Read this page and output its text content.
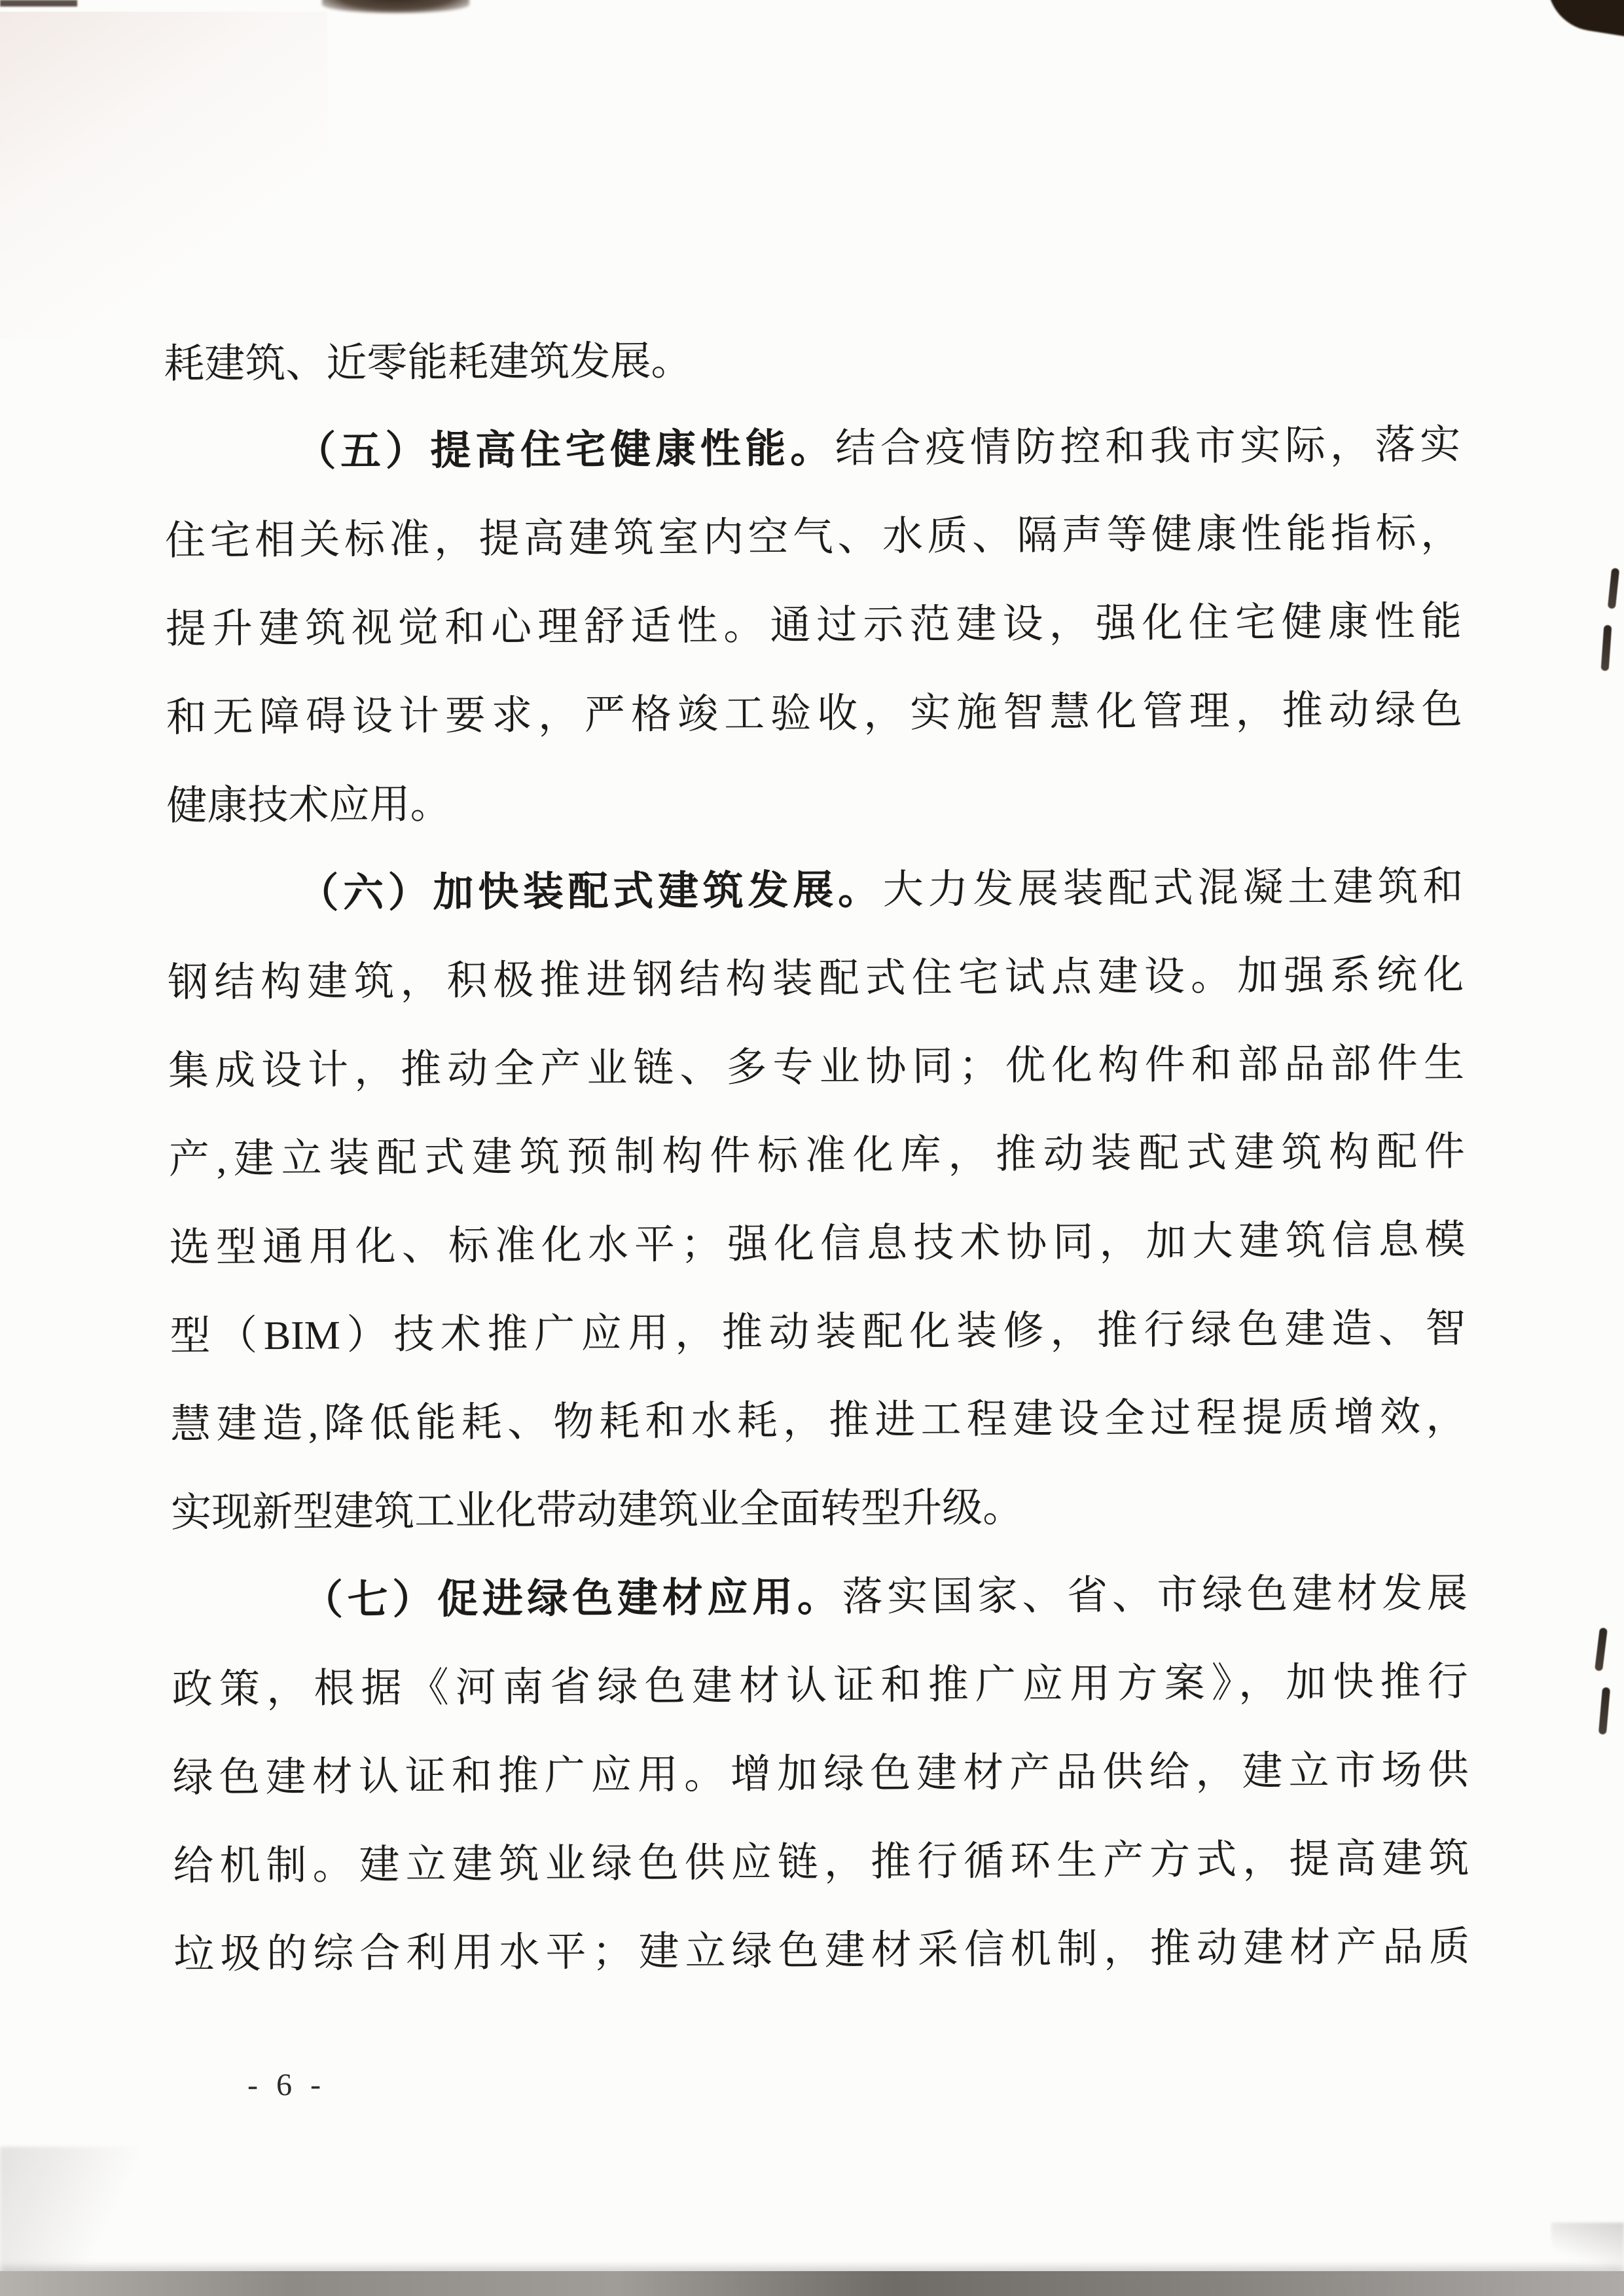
耗建筑、近零能耗建筑发展。
（五）提高住宅健康性能。结合疫情防控和我市实际，落实
住宅相关标准，提高建筑室内空气、水质、隔声等健康性能指标，
提升建筑视觉和心理舒适性。通过示范建设，强化住宅健康性能
和无障碍设计要求，严格竣工验收，实施智慧化管理，推动绿色
健康技术应用。
（六）加快装配式建筑发展。大力发展装配式混凝土建筑和
钢结构建筑，积极推进钢结构装配式住宅试点建设。加强系统化
集成设计，推动全产业链、多专业协同；优化构件和部品部件生
产,建立装配式建筑预制构件标准化库，推动装配式建筑构配件
选型通用化、标准化水平；强化信息技术协同，加大建筑信息模
型（BIM）技术推广应用，推动装配化装修，推行绿色建造、智
慧建造,降低能耗、物耗和水耗，推进工程建设全过程提质增效，
实现新型建筑工业化带动建筑业全面转型升级。
（七）促进绿色建材应用。落实国家、省、市绿色建材发展
政策，根据《河南省绿色建材认证和推广应用方案》，加快推行
绿色建材认证和推广应用。增加绿色建材产品供给，建立市场供
给机制。建立建筑业绿色供应链，推行循环生产方式，提高建筑
垃圾的综合利用水平；建立绿色建材采信机制，推动建材产品质
- 6 -
